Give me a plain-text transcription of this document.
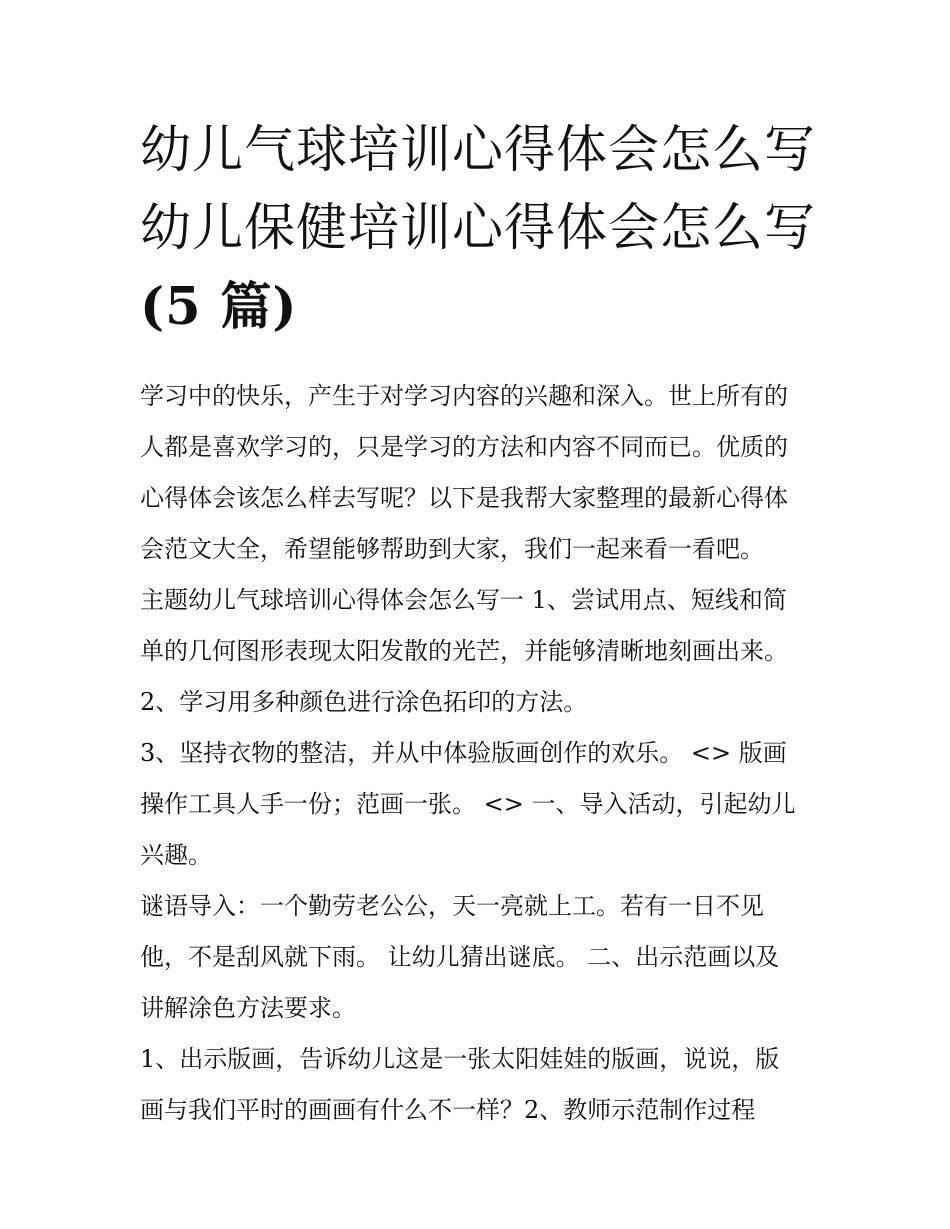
幼儿气球培训心得体会怎么写
幼儿保健培训心得体会怎么写
(5 篇)
学习中的快乐，产生于对学习内容的兴趣和深入。世上所有的
人都是喜欢学习的，只是学习的方法和内容不同而已。优质的
心得体会该怎么样去写呢？以下是我帮大家整理的最新心得体
会范文大全，希望能够帮助到大家，我们一起来看一看吧。
主题幼儿气球培训心得体会怎么写一 1、尝试用点、短线和简
单的几何图形表现太阳发散的光芒，并能够清晰地刻画出来。
2、学习用多种颜色进行涂色拓印的方法。
3、坚持衣物的整洁，并从中体验版画创作的欢乐。 <> 版画
操作工具人手一份；范画一张。 <> 一、导入活动，引起幼儿
兴趣。
谜语导入：一个勤劳老公公，天一亮就上工。若有一日不见
他，不是刮风就下雨。 让幼儿猜出谜底。 二、出示范画以及
讲解涂色方法要求。
1、出示版画，告诉幼儿这是一张太阳娃娃的版画，说说，版
画与我们平时的画画有什么不一样？2、教师示范制作过程
